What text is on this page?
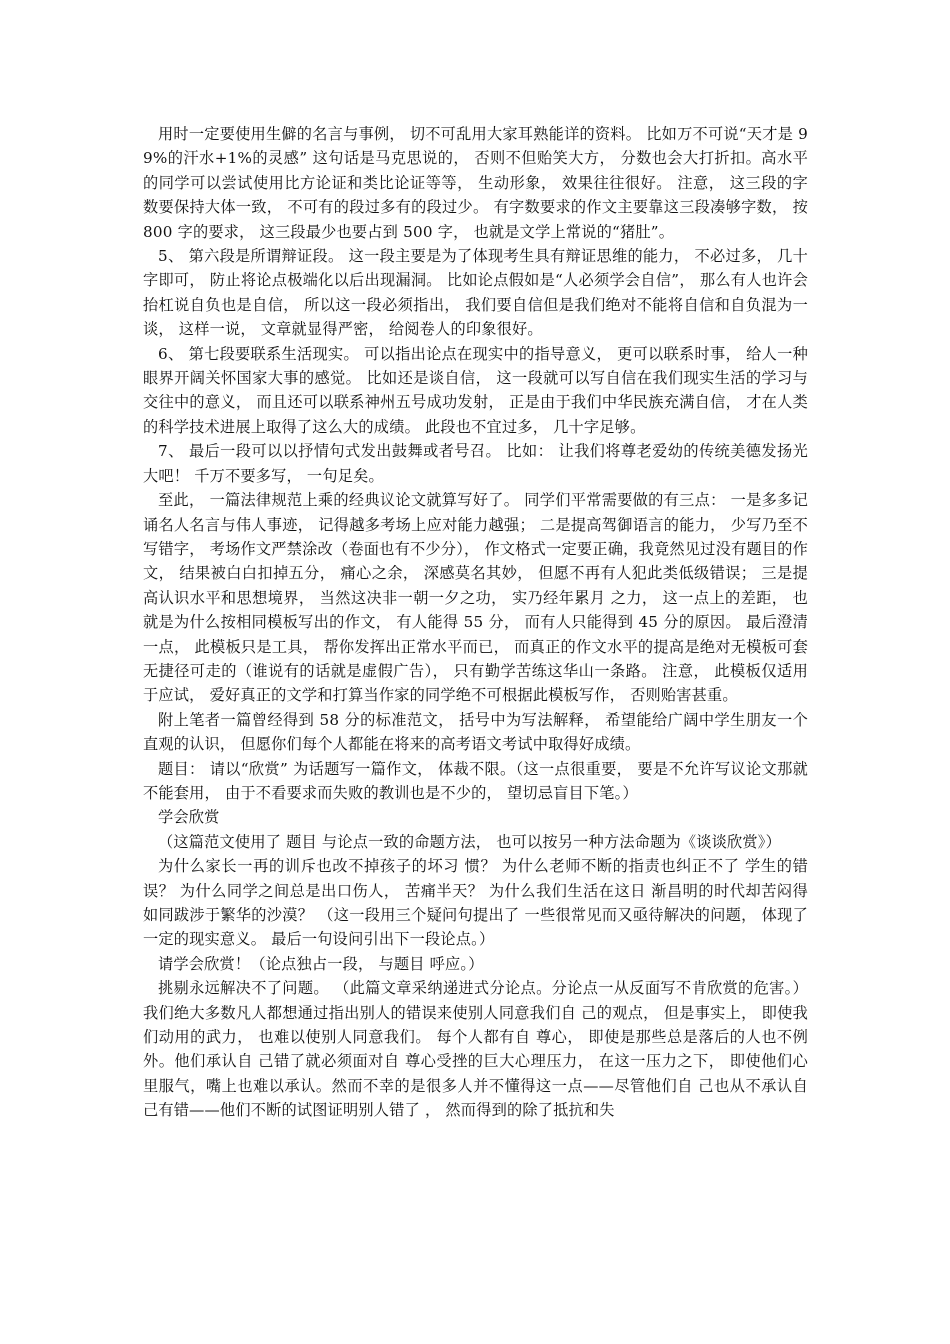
用时一定要使用生僻的名言与事例， 切不可乱用大家耳熟能详的资料。 比如万不可说“天才是 99%的汗水+1%的灵感” 这句话是马克思说的， 否则不但贻笑大方， 分数也会大打折扣。高水平的同学可以尝试使用比方论证和类比论证等等， 生动形象， 效果往往很好。 注意， 这三段的字数要保持大体一致， 不可有的段过多有的段过少。 有字数要求的作文主要靠这三段凑够字数， 按 800 字的要求， 这三段最少也要占到 500 字， 也就是文学上常说的“猪肚”。

5、 第六段是所谓辩证段。 这一段主要是为了体现考生具有辩证思维的能力， 不必过多， 几十字即可， 防止将论点极端化以后出现漏洞。 比如论点假如是“人必须学会自信”， 那么有人也许会抬杠说自负也是自信， 所以这一段必须指出， 我们要自信但是我们绝对不能将自信和自负混为一谈， 这样一说， 文章就显得严密， 给阅卷人的印象很好。

6、 第七段要联系生活现实。 可以指出论点在现实中的指导意义， 更可以联系时事， 给人一种眼界开阔关怀国家大事的感觉。 比如还是谈自信， 这一段就可以写自信在我们现实生活的学习与交往中的意义， 而且还可以联系神州五号成功发射， 正是由于我们中华民族充满自信， 才在人类的科学技术进展上取得了这么大的成绩。 此段也不宜过多， 几十字足够。

7、 最后一段可以以抒情句式发出鼓舞或者号召。 比如： 让我们将尊老爱幼的传统美德发扬光大吧！ 千万不要多写， 一句足矣。

至此， 一篇法律规范上乘的经典议论文就算写好了。 同学们平常需要做的有三点： 一是多多记诵名人名言与伟人事迹， 记得越多考场上应对能力越强； 二是提高驾御语言的能力， 少写乃至不写错字， 考场作文严禁涂改（卷面也有不少分）， 作文格式一定要正确，我竟然见过没有题目的作文， 结果被白白扣掉五分， 痛心之余， 深感莫名其妙， 但愿不再有人犯此类低级错误； 三是提高认识水平和思想境界， 当然这决非一朝一夕之功， 实乃经年累月 之力， 这一点上的差距， 也就是为什么按相同模板写出的作文， 有人能得 55 分， 而有人只能得到 45 分的原因。 最后澄清一点， 此模板只是工具， 帮你发挥出正常水平而已， 而真正的作文水平的提高是绝对无模板可套无捷径可走的（谁说有的话就是虚假广告）， 只有勤学苦练这华山一条路。 注意， 此模板仅适用于应试， 爱好真正的文学和打算当作家的同学绝不可根据此模板写作， 否则贻害甚重。

附上笔者一篇曾经得到 58 分的标准范文， 括号中为写法解释， 希望能给广阔中学生朋友一个直观的认识， 但愿你们每个人都能在将来的高考语文考试中取得好成绩。

题目： 请以“欣赏” 为话题写一篇作文， 体裁不限。（这一点很重要， 要是不允许写议论文那就不能套用， 由于不看要求而失败的教训也是不少的， 望切忌盲目下笔。）

学会欣赏

（这篇范文使用了 题目 与论点一致的命题方法， 也可以按另一种方法命题为《谈谈欣赏》）

为什么家长一再的训斥也改不掉孩子的坏习 惯？ 为什么老师不断的指责也纠正不了 学生的错误？ 为什么同学之间总是出口伤人， 苦痛半天？ 为什么我们生活在这日 渐昌明的时代却苦闷得如同跋涉于繁华的沙漠？ （这一段用三个疑问句提出了 一些很常见而又亟待解决的问题， 体现了一定的现实意义。 最后一句设问引出下一段论点。）

请学会欣赏！（论点独占一段， 与题目 呼应。）

挑剔永远解决不了问题。 （此篇文章采纳递进式分论点。分论点一从反面写不肯欣赏的危害。）我们绝大多数凡人都想通过指出别人的错误来使别人同意我们自 己的观点， 但是事实上， 即使我们动用的武力， 也难以使别人同意我们。 每个人都有自 尊心， 即使是那些总是落后的人也不例外。他们承认自 己错了就必须面对自 尊心受挫的巨大心理压力， 在这一压力之下， 即使他们心里服气，嘴上也难以承认。然而不幸的是很多人并不懂得这一点——尽管他们自 己也从不承认自 己有错——他们不断的试图证明别人错了 ， 然而得到的除了抵抗和失
